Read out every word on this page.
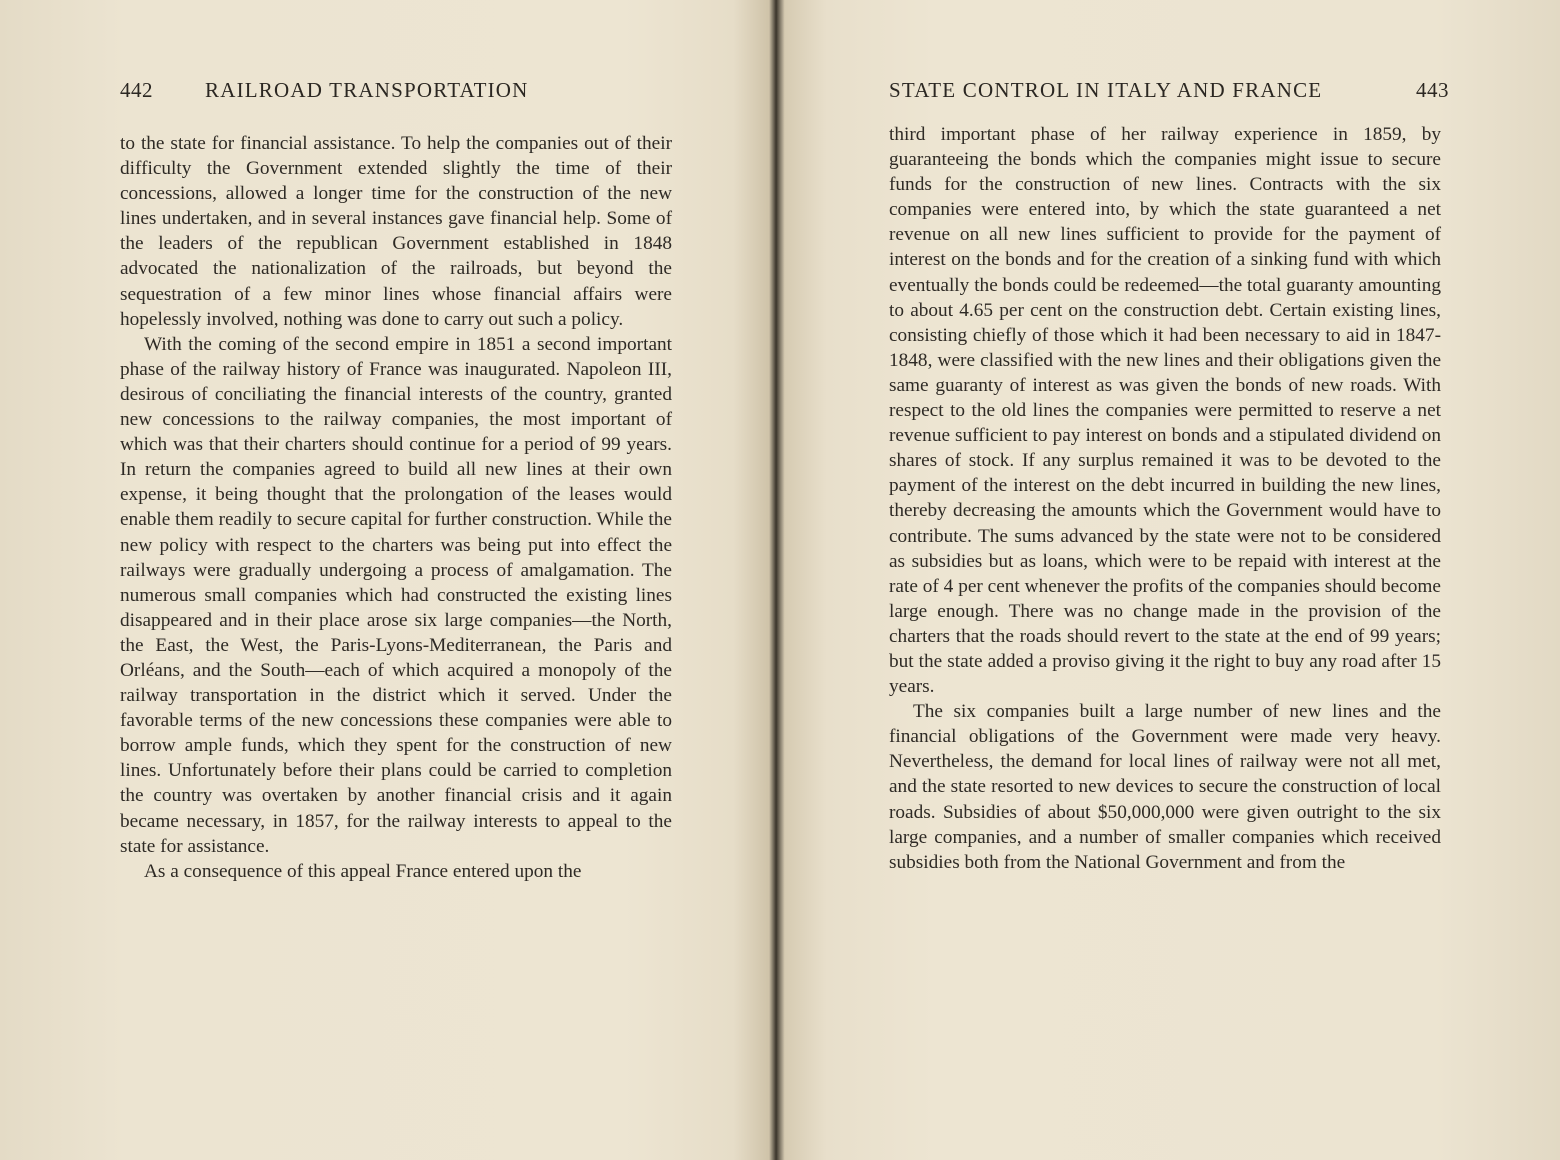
442 RAILROAD TRANSPORTATION

to the state for financial assistance. To help the companies out of their difficulty the Government extended slightly the time of their concessions, allowed a longer time for the construction of the new lines undertaken, and in several instances gave financial help. Some of the leaders of the republican Government established in 1848 advocated the nationalization of the railroads, but beyond the sequestration of a few minor lines whose financial affairs were hopelessly involved, nothing was done to carry out such a policy.

With the coming of the second empire in 1851 a second important phase of the railway history of France was inaugurated. Napoleon III, desirous of conciliating the financial interests of the country, granted new concessions to the railway companies, the most important of which was that their charters should continue for a period of 99 years. In return the companies agreed to build all new lines at their own expense, it being thought that the prolongation of the leases would enable them readily to secure capital for further construction. While the new policy with respect to the charters was being put into effect the railways were gradually undergoing a process of amalgamation. The numerous small companies which had constructed the existing lines disappeared and in their place arose six large companies—the North, the East, the West, the Paris-Lyons-Mediterranean, the Paris and Orléans, and the South—each of which acquired a monopoly of the railway transportation in the district which it served. Under the favorable terms of the new concessions these companies were able to borrow ample funds, which they spent for the construction of new lines. Unfortunately before their plans could be carried to completion the country was overtaken by another financial crisis and it again became necessary, in 1857, for the railway interests to appeal to the state for assistance.

As a consequence of this appeal France entered upon the

STATE CONTROL IN ITALY AND FRANCE	443

third important phase of her railway experience in 1859, by guaranteeing the bonds which the companies might issue to secure funds for the construction of new lines. Contracts with the six companies were entered into, by which the state guaranteed a net revenue on all new lines sufficient to provide for the payment of interest on the bonds and for the creation of a sinking fund with which eventually the bonds could be redeemed—the total guaranty amounting to about 4.65 per cent on the construction debt. Certain existing lines, consisting chiefly of those which it had been necessary to aid in 1847-1848, were classified with the new lines and their obligations given the same guaranty of interest as was given the bonds of new roads. With respect to the old lines the companies were permitted to reserve a net revenue sufficient to pay interest on bonds and a stipulated dividend on shares of stock. If any surplus remained it was to be devoted to the payment of the interest on the debt incurred in building the new lines, thereby decreasing the amounts which the Government would have to contribute. The sums advanced by the state were not to be considered as subsidies but as loans, which were to be repaid with interest at the rate of 4 per cent whenever the profits of the companies should become large enough. There was no change made in the provision of the charters that the roads should revert to the state at the end of 99 years; but the state added a proviso giving it the right to buy any road after 15 years.

The six companies built a large number of new lines and the financial obligations of the Government were made very heavy. Nevertheless, the demand for local lines of railway were not all met, and the state resorted to new devices to secure the construction of local roads. Subsidies of about $50,000,000 were given outright to the six large companies, and a number of smaller companies which received subsidies both from the National Government and from the
